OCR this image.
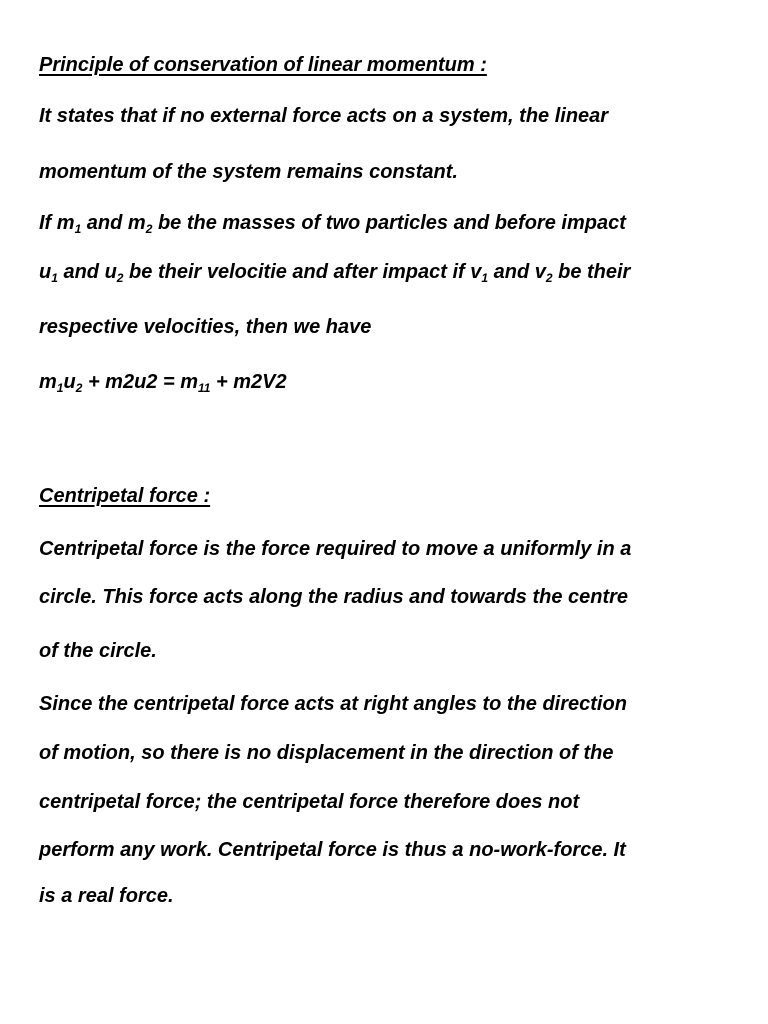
Principle of conservation of linear momentum :
It states that if no external force acts on a system, the linear
momentum of the system remains constant.
If $m_1$ and $m_2$ be the masses of two particles and before impact
$u_1$ and $u_2$ be their velocitie and after impact if $v_1$ and $v_2$ be their
respective velocities, then we have
$m_1u_2 + m2u2 = m_{11} + m2V2$
Centripetal force :
Centripetal force is the force required to move a uniformly in a
circle. This force acts along the radius and towards the centre
of the circle.
Since the centripetal force acts at right angles to the direction
of motion, so there is no displacement in the direction of the
centripetal force; the centripetal force therefore does not
perform any work. Centripetal force is thus a no-work-force. It
is a real force.
